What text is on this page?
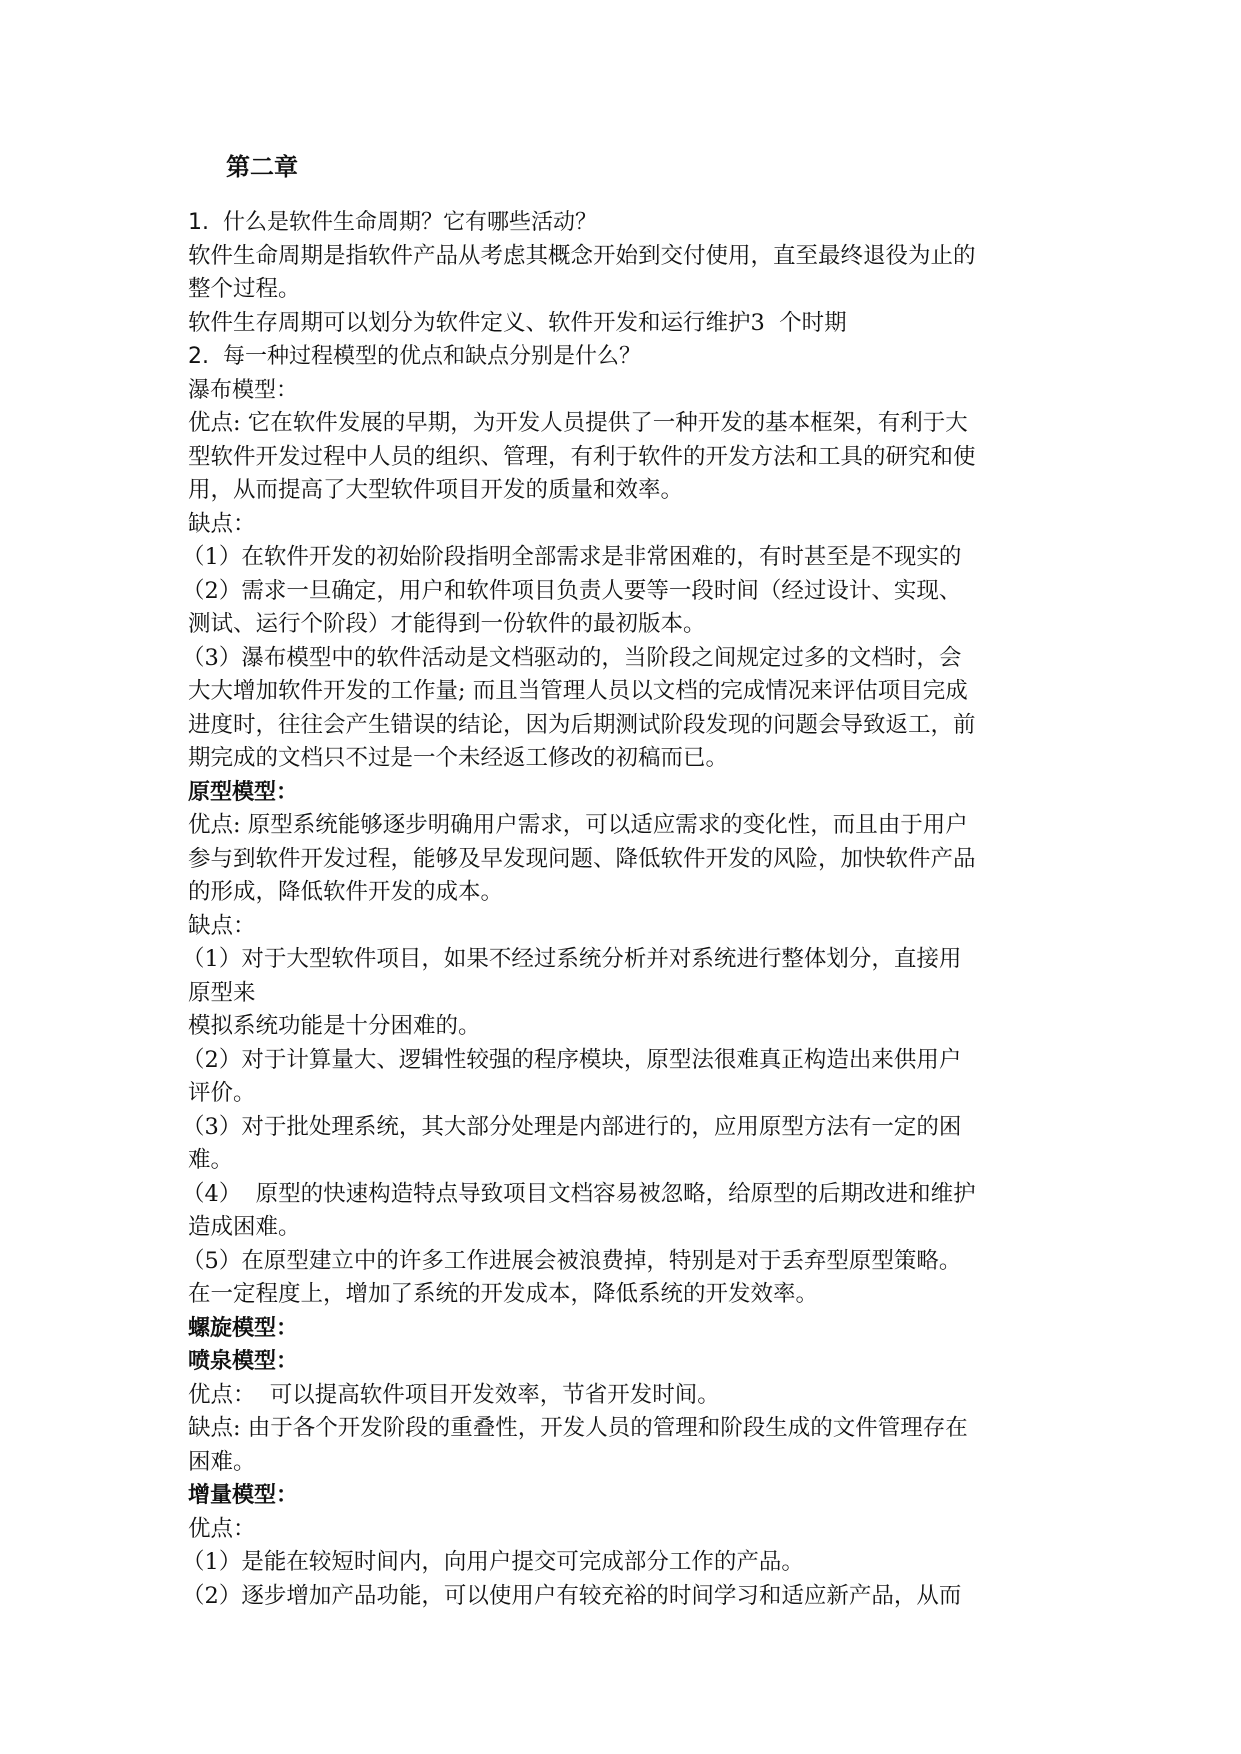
第二章

1.  什么是软件生命周期？它有哪些活动？

软件生命周期是指软件产品从考虑其概念开始到交付使用，直至最终退役为止的

整个过程。

软件生存周期可以划分为软件定义、软件开发和运行维护3  个时期

2.  每一种过程模型的优点和缺点分别是什么？

瀑布模型：

优点: 它在软件发展的早期，为开发人员提供了一种开发的基本框架，有利于大

型软件开发过程中人员的组织、管理，有利于软件的开发方法和工具的研究和使

用，从而提高了大型软件项目开发的质量和效率。

缺点：

（1）在软件开发的初始阶段指明全部需求是非常困难的，有时甚至是不现实的

（2）需求一旦确定，用户和软件项目负责人要等一段时间（经过设计、实现、

测试、运行个阶段）才能得到一份软件的最初版本。

（3）瀑布模型中的软件活动是文档驱动的，当阶段之间规定过多的文档时，会

大大增加软件开发的工作量; 而且当管理人员以文档的完成情况来评估项目完成

进度时，往往会产生错误的结论，因为后期测试阶段发现的问题会导致返工，前

期完成的文档只不过是一个未经返工修改的初稿而已。

原型模型：

优点: 原型系统能够逐步明确用户需求，可以适应需求的变化性，而且由于用户

参与到软件开发过程，能够及早发现问题、降低软件开发的风险，加快软件产品

的形成，降低软件开发的成本。

缺点：

（1）对于大型软件项目，如果不经过系统分析并对系统进行整体划分，直接用

原型来

模拟系统功能是十分困难的。

（2）对于计算量大、逻辑性较强的程序模块，原型法很难真正构造出来供用户

评价。

（3）对于批处理系统，其大部分处理是内部进行的，应用原型方法有一定的困

难。

（4）  原型的快速构造特点导致项目文档容易被忽略，给原型的后期改进和维护

造成困难。

（5）在原型建立中的许多工作进展会被浪费掉，特别是对于丢弃型原型策略。

在一定程度上，增加了系统的开发成本，降低系统的开发效率。

螺旋模型：

喷泉模型：

优点：  可以提高软件项目开发效率，节省开发时间。

缺点: 由于各个开发阶段的重叠性，开发人员的管理和阶段生成的文件管理存在

困难。

增量模型：

优点：

（1）是能在较短时间内，向用户提交可完成部分工作的产品。

（2）逐步增加产品功能，可以使用户有较充裕的时间学习和适应新产品，从而
